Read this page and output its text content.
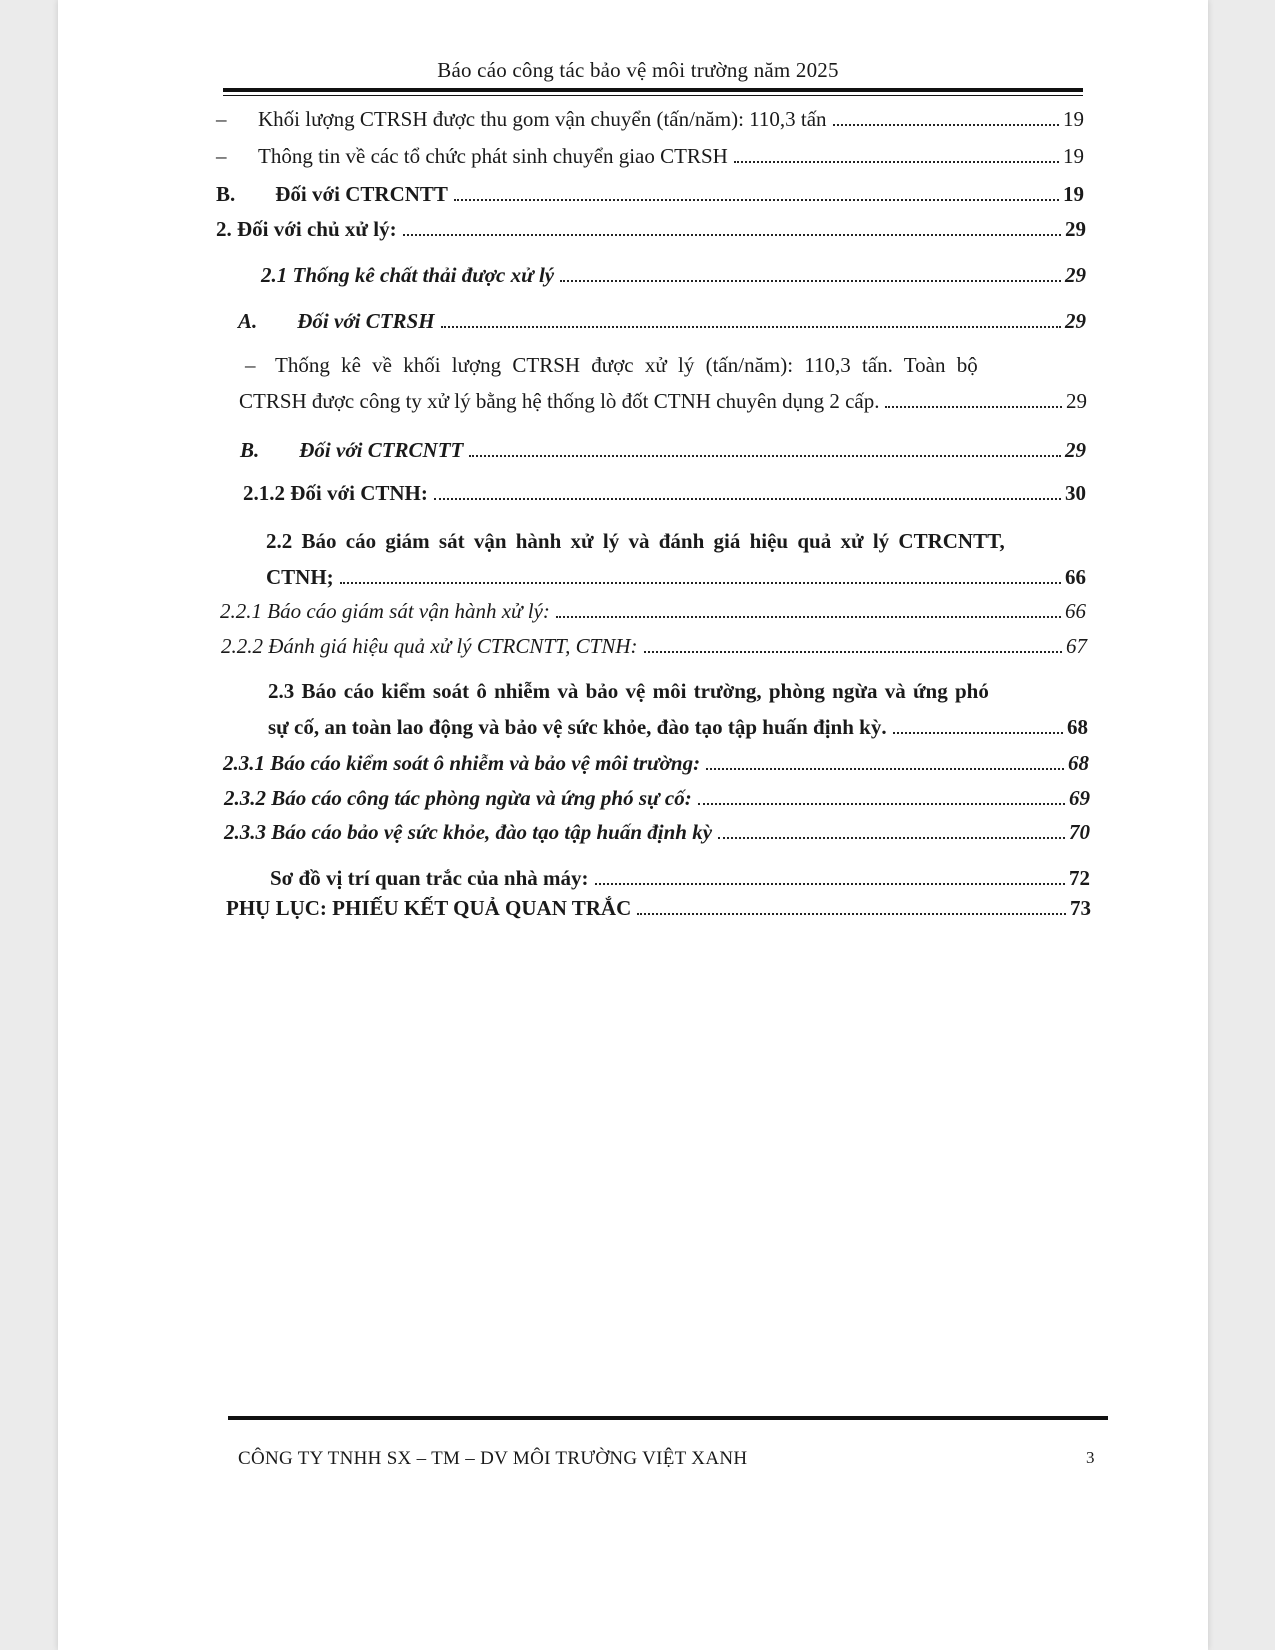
Báo cáo công tác bảo vệ môi trường năm 2025
–	Khối lượng CTRSH được thu gom vận chuyển (tấn/năm): 110,3 tấn	19
–	Thông tin về các tổ chức phát sinh chuyển giao CTRSH	19
B. Đối với CTRCNTT	19
2. Đối với chủ xử lý:	29
2.1 Thống kê chất thải được xử lý	29
A. Đối với CTRSH	29
– Thống kê về khối lượng CTRSH được xử lý (tấn/năm): 110,3 tấn. Toàn bộ
CTRSH được công ty xử lý bằng hệ thống lò đốt CTNH chuyên dụng 2 cấp.	29
B. Đối với CTRCNTT	29
2.1.2 Đối với CTNH:	30
2.2 Báo cáo giám sát vận hành xử lý và đánh giá hiệu quả xử lý CTRCNTT,
CTNH;	66
2.2.1 Báo cáo giám sát vận hành xử lý:	66
2.2.2 Đánh giá hiệu quả xử lý CTRCNTT, CTNH:	67
2.3 Báo cáo kiểm soát ô nhiễm và bảo vệ môi trường, phòng ngừa và ứng phó
sự cố, an toàn lao động và bảo vệ sức khỏe, đào tạo tập huấn định kỳ.	68
2.3.1 Báo cáo kiểm soát ô nhiễm và bảo vệ môi trường:	68
2.3.2 Báo cáo công tác phòng ngừa và ứng phó sự cố:	69
2.3.3 Báo cáo bảo vệ sức khỏe, đào tạo tập huấn định kỳ	70
Sơ đồ vị trí quan trắc của nhà máy:	72
PHỤ LỤC: PHIẾU KẾT QUẢ QUAN TRẮC	73
CÔNG TY TNHH SX – TM – DV MÔI TRƯỜNG VIỆT XANH	3
